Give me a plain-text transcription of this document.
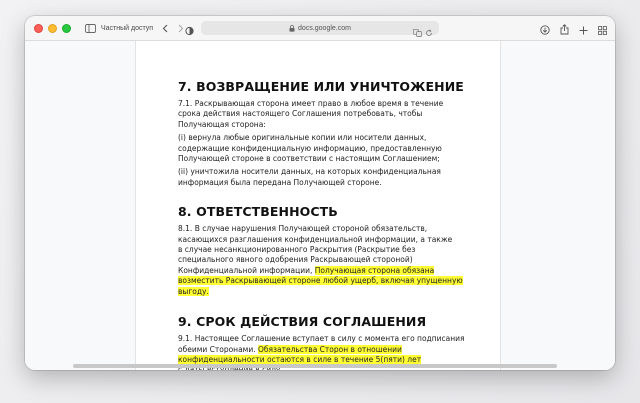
Частный доступ	docs.google.com
7. ВОЗВРАЩЕНИЕ ИЛИ УНИЧТОЖЕНИЕ

7.1. Раскрывающая сторона имеет право в любое время в течение
срока действия настоящего Соглашения потребовать, чтобы
Получающая сторона:

(i) вернула любые оригинальные копии или носители данных,
содержащие конфиденциальную информацию, предоставленную
Получающей стороне в соответствии с настоящим Соглашением;

(ii) уничтожила носители данных, на которых конфиденциальная
информация была передана Получающей стороне.

8. ОТВЕТСТВЕННОСТЬ

8.1. В случае нарушения Получающей стороной обязательств,
касающихся разглашения конфиденциальной информации, а также
в случае несанкционированного Раскрытия (Раскрытие без
специального явного одобрения Раскрывающей стороной)
Конфиденциальной информации, Получающая сторона обязана
возместить Раскрывающей стороне любой ущерб, включая упущенную
выгоду.

9. СРОК ДЕЙСТВИЯ СОГЛАШЕНИЯ

9.1. Настоящее Соглашение вступает в силу с момента его подписания
обеими Сторонами. Обязательства Сторон в отношении
конфиденциальности остаются в силе в течение 5(пяти) лет
